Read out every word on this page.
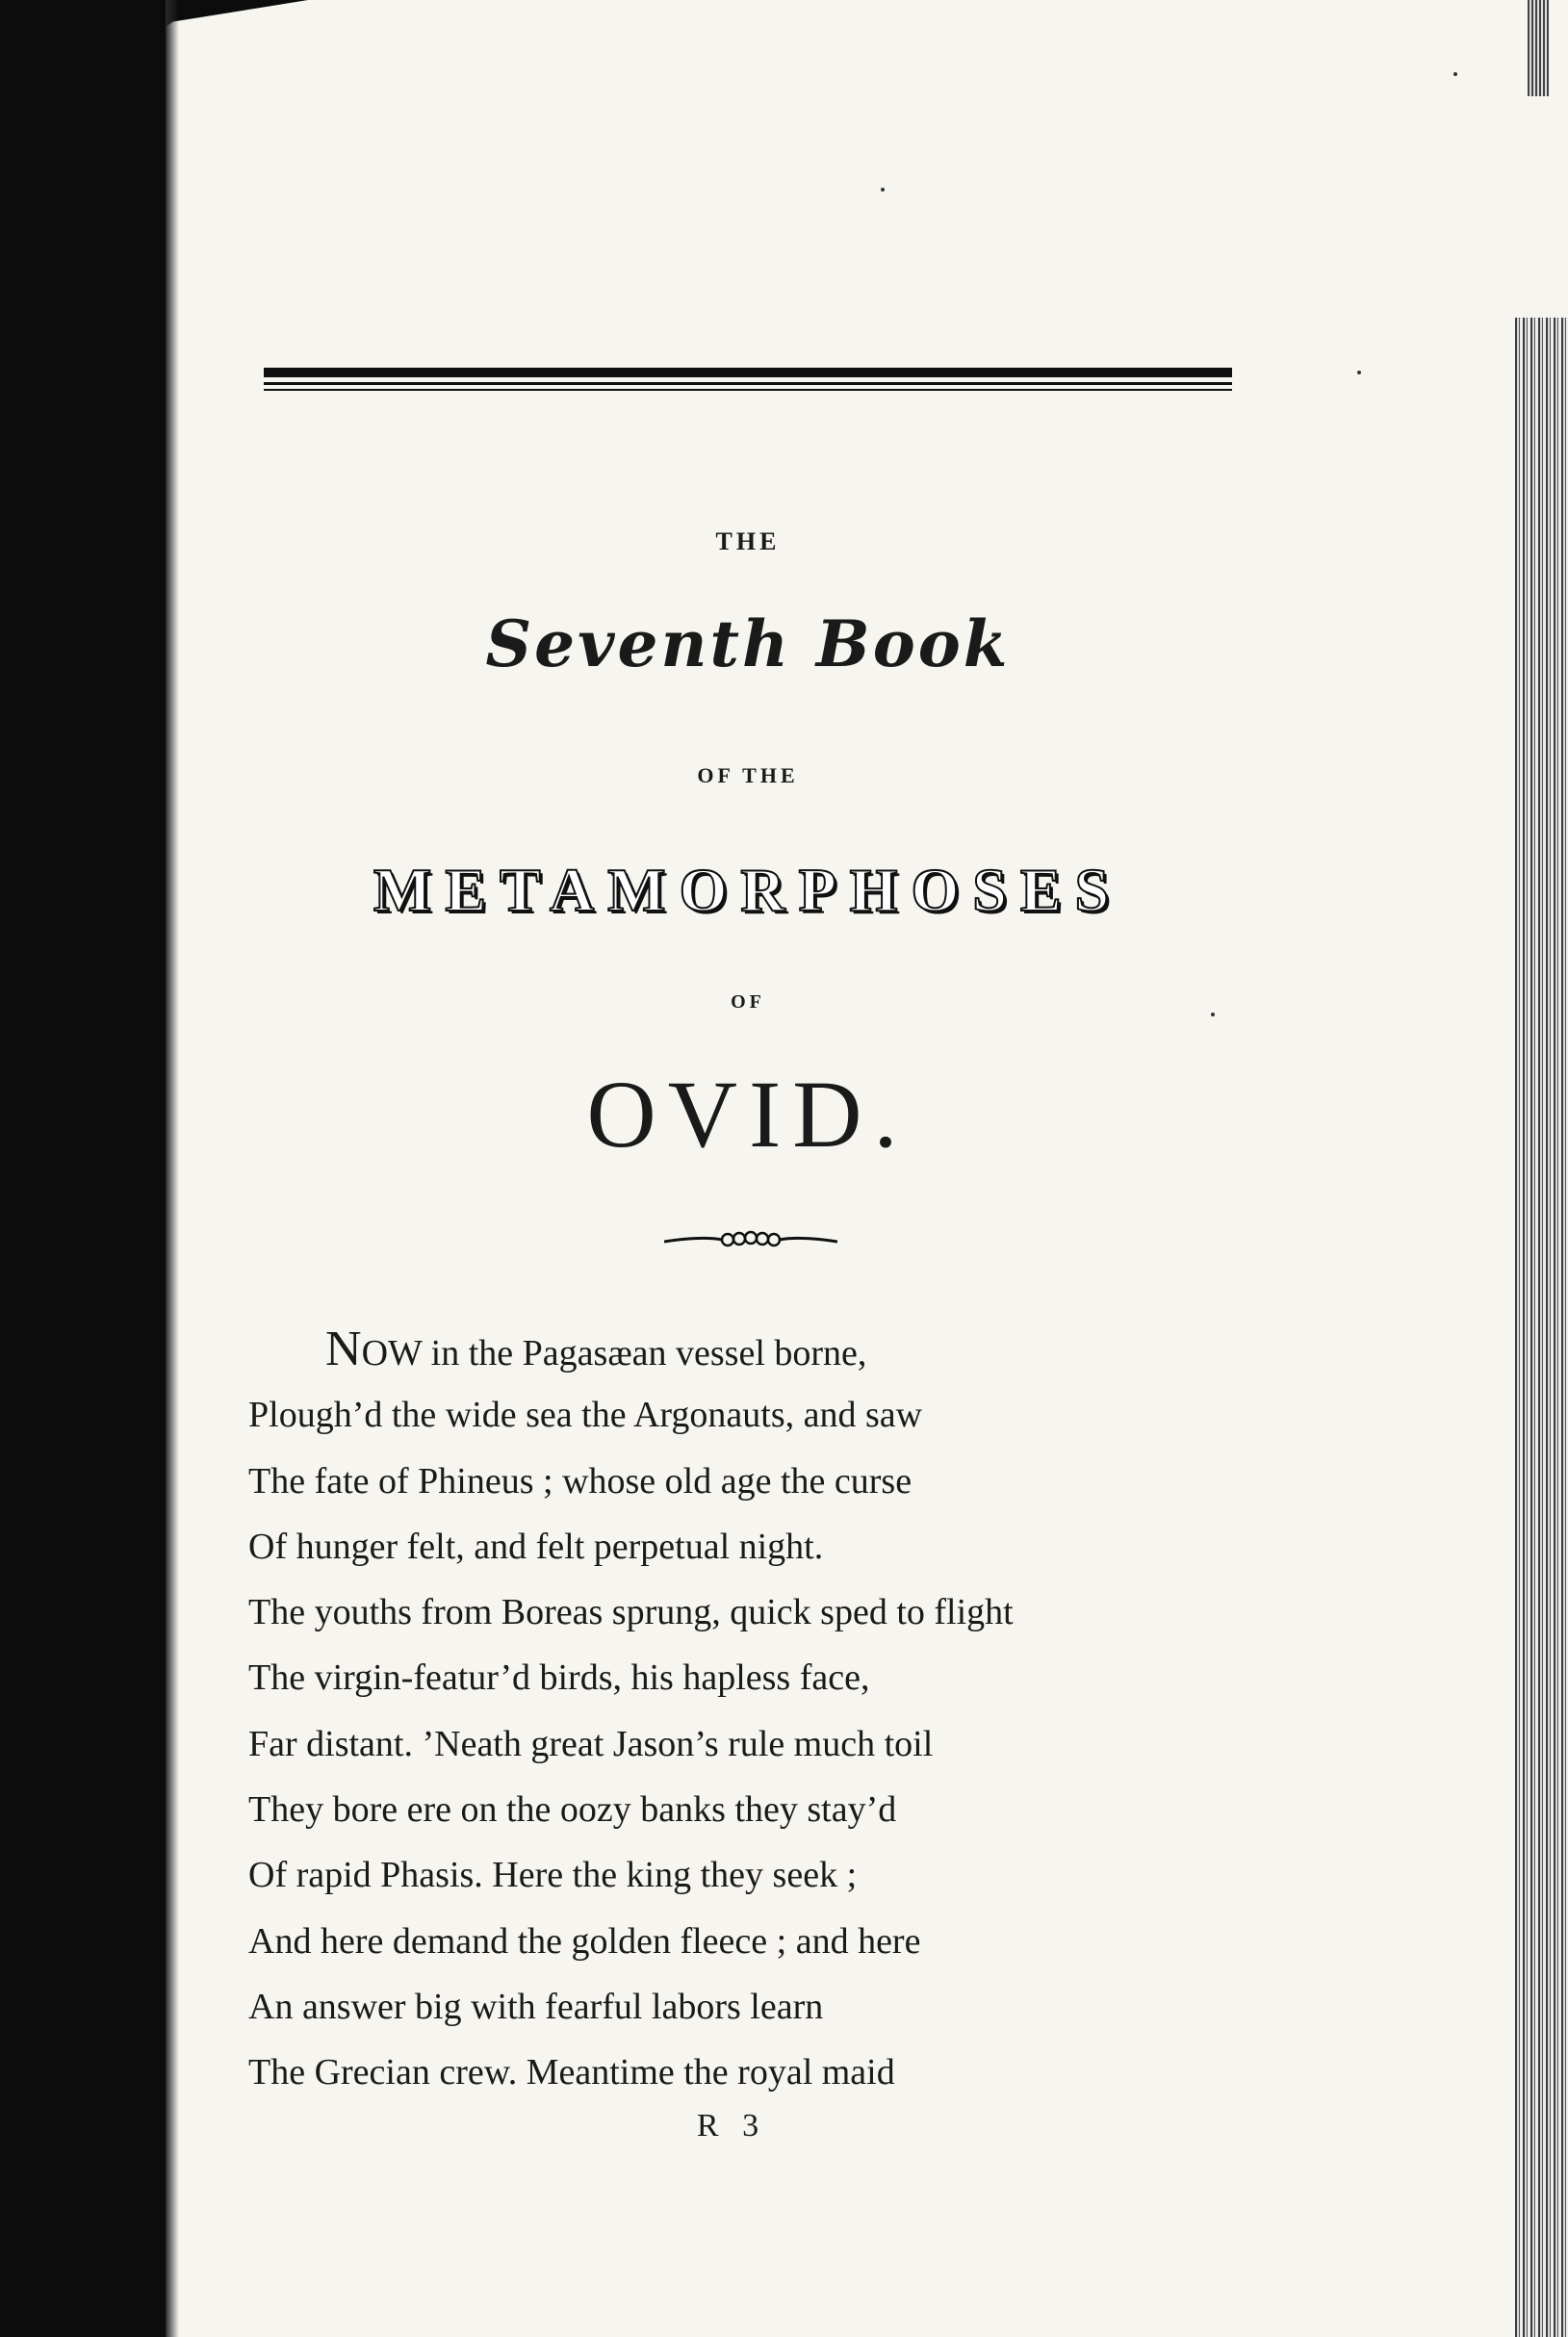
THE
Seventh Book
OF THE
METAMORPHOSES
OF
OVID.
NOW in the Pagasæan vessel borne,
Plough’d the wide sea the Argonauts, and saw
The fate of Phineus ; whose old age the curse
Of hunger felt, and felt perpetual night.
The youths from Boreas sprung, quick sped to flight
The virgin-featur’d birds, his hapless face,
Far distant. ’Neath great Jason’s rule much toil
They bore ere on the oozy banks they stay’d
Of rapid Phasis. Here the king they seek ;
And here demand the golden fleece ; and here
An answer big with fearful labors learn
The Grecian crew. Meantime the royal maid
R 3
